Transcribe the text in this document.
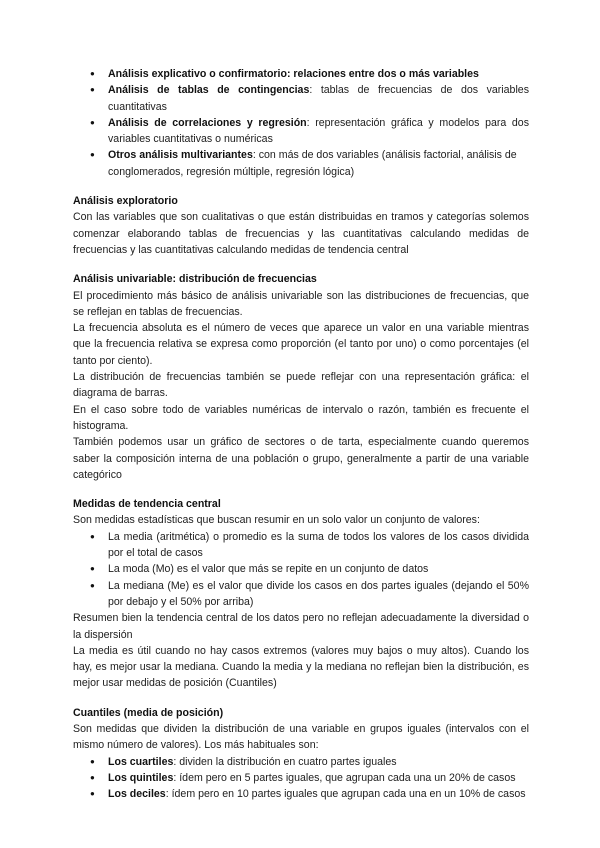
● Análisis explicativo o confirmatorio: relaciones entre dos o más variables
● Análisis de tablas de contingencias: tablas de frecuencias de dos variables cuantitativas
● Análisis de correlaciones y regresión: representación gráfica y modelos para dos variables cuantitativas o numéricas
● Otros análisis multivariantes: con más de dos variables (análisis factorial, análisis de conglomerados, regresión múltiple, regresión lógica)
Análisis exploratorio

Con las variables que son cualitativas o que están distribuidas en tramos y categorías solemos comenzar elaborando tablas de frecuencias y las cuantitativas calculando medidas de frecuencias y las cuantitativas calculando medidas de tendencia central

Análisis univariable: distribución de frecuencias

El procedimiento más básico de análisis univariable son las distribuciones de frecuencias, que se reflejan en tablas de frecuencias.

La frecuencia absoluta es el número de veces que aparece un valor en una variable mientras que la frecuencia relativa se expresa como proporción (el tanto por uno) o como porcentajes (el tanto por ciento).

La distribución de frecuencias también se puede reflejar con una representación gráfica: el diagrama de barras.

En el caso sobre todo de variables numéricas de intervalo o razón, también es frecuente el histograma.

También podemos usar un gráfico de sectores o de tarta, especialmente cuando queremos saber la composición interna de una población o grupo, generalmente a partir de una variable categórico

Medidas de tendencia central

Son medidas estadísticas que buscan resumir en un solo valor un conjunto de valores:

● La media (aritmética) o promedio es la suma de todos los valores de los casos dividida por el total de casos
● La moda (Mo) es el valor que más se repite en un conjunto de datos
● La mediana (Me) es el valor que divide los casos en dos partes iguales (dejando el 50% por debajo y el 50% por arriba)

Resumen bien la tendencia central de los datos pero no reflejan adecuadamente la diversidad o la dispersión

La media es útil cuando no hay casos extremos (valores muy bajos o muy altos). Cuando los hay, es mejor usar la mediana. Cuando la media y la mediana no reflejan bien la distribución, es mejor usar medidas de posición (Cuantiles)

Cuantiles (media de posición)

Son medidas que dividen la distribución de una variable en grupos iguales (intervalos con el mismo número de valores). Los más habituales son:

● Los cuartiles: dividen la distribución en cuatro partes iguales
● Los quintiles: ídem pero en 5 partes iguales, que agrupan cada una un 20% de casos
● Los deciles: ídem pero en 10 partes iguales que agrupan cada una en un 10% de casos
